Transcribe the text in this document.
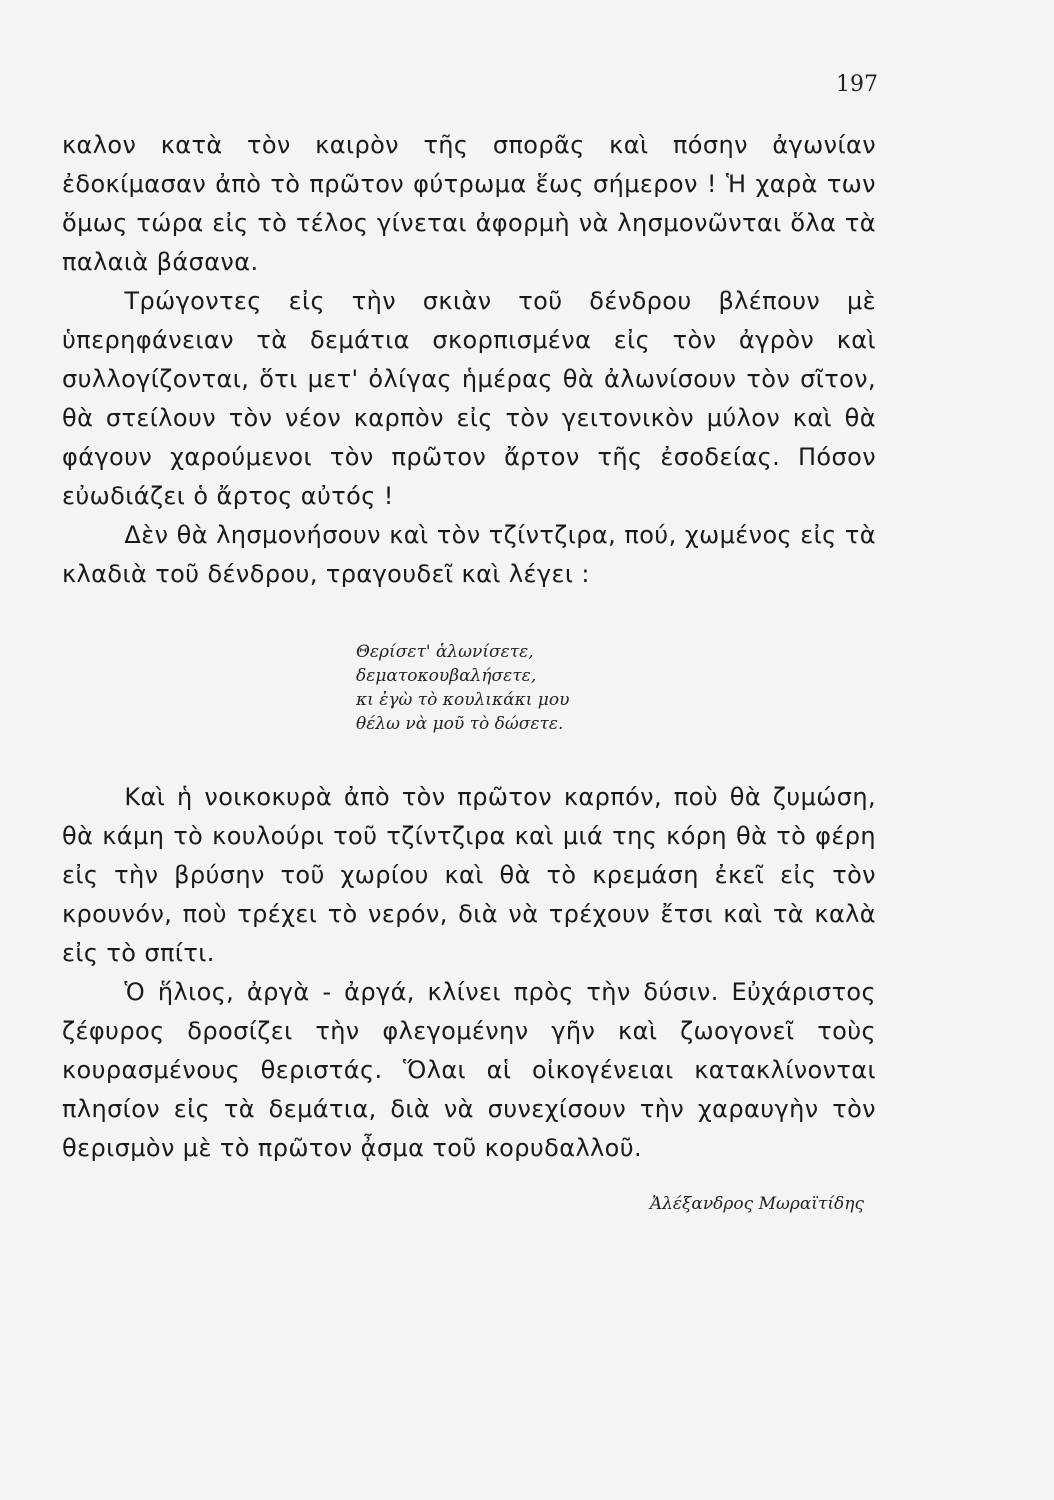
197

καλον κατὰ τὸν καιρὸν τῆς σπορᾶς καὶ πόσην ἀγωνίαν ἐδοκίμασαν ἀπὸ τὸ πρῶτον φύτρωμα ἕως σήμερον ! Ἡ χαρὰ των ὅμως τώρα εἰς τὸ τέλος γίνεται ἀφορμὴ νὰ λησμονῶνται ὅλα τὰ παλαιὰ βάσανα.

Τρώγοντες εἰς τὴν σκιὰν τοῦ δένδρου βλέπουν μὲ ὑπερηφάνειαν τὰ δεμάτια σκορπισμένα εἰς τὸν ἀγρὸν καὶ συλλογίζονται, ὅτι μετ' ὀλίγας ἡμέρας θὰ ἀλωνίσουν τὸν σῖτον, θὰ στείλουν τὸν νέον καρπὸν εἰς τὸν γειτονικὸν μύλον καὶ θὰ φάγουν χαρούμενοι τὸν πρῶτον ἄρτον τῆς ἐσοδείας. Πόσον εὐωδιάζει ὁ ἄρτος αὐτός !

Δὲν θὰ λησμονήσουν καὶ τὸν τζίντζιρα, πού, χωμένος εἰς τὰ κλαδιὰ τοῦ δένδρου, τραγουδεῖ καὶ λέγει :

Θερίσετ' ἁλωνίσετε,
δεματοκουβαλήσετε,
κι ἐγὼ τὸ κουλικάκι μου
θέλω νὰ μοῦ τὸ δώσετε.

Καὶ ἡ νοικοκυρὰ ἀπὸ τὸν πρῶτον καρπόν, ποὺ θὰ ζυμώση, θὰ κάμη τὸ κουλούρι τοῦ τζίντζιρα καὶ μιά της κόρη θὰ τὸ φέρη εἰς τὴν βρύσην τοῦ χωρίου καὶ θὰ τὸ κρεμάση ἐκεῖ εἰς τὸν κρουνόν, ποὺ τρέχει τὸ νερόν, διὰ νὰ τρέχουν ἔτσι καὶ τὰ καλὰ εἰς τὸ σπίτι.

Ὁ ἥλιος, ἀργὰ - ἀργά, κλίνει πρὸς τὴν δύσιν. Εὐχάριστος ζέφυρος δροσίζει τὴν φλεγομένην γῆν καὶ ζωογονεῖ τοὺς κουρασμένους θεριστάς. Ὅλαι αἱ οἰκογένειαι κατακλίνονται πλησίον εἰς τὰ δεμάτια, διὰ νὰ συνεχίσουν τὴν χαραυγὴν τὸν θερισμὸν μὲ τὸ πρῶτον ᾆσμα τοῦ κορυδαλλοῦ.

Ἀλέξανδρος Μωραϊτίδης
